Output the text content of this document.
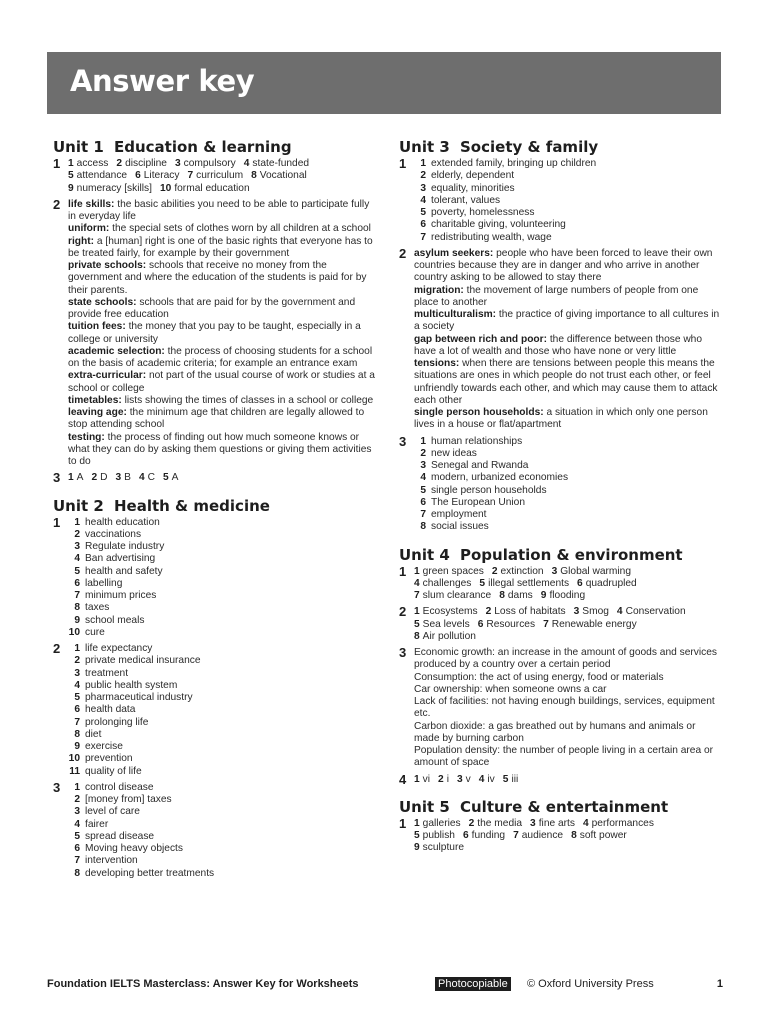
Answer key
Unit 1 Education & learning
1 1 access 2 discipline 3 compulsory 4 state-funded
5 attendance 6 Literacy 7 curriculum 8 Vocational
9 numeracy [skills] 10 formal education
2 life skills: the basic abilities you need to be able to participate fully in everyday life
uniform: the special sets of clothes worn by all children at a school
right: a [human] right is one of the basic rights that everyone has to be treated fairly, for example by their government
private schools: schools that receive no money from the government and where the education of the students is paid for by their parents.
state schools: schools that are paid for by the government and provide free education
tuition fees: the money that you pay to be taught, especially in a college or university
academic selection: the process of choosing students for a school on the basis of academic criteria; for example an entrance exam
extra-curricular: not part of the usual course of work or studies at a school or college
timetables: lists showing the times of classes in a school or college
leaving age: the minimum age that children are legally allowed to stop attending school
testing: the process of finding out how much someone knows or what they can do by asking them questions or giving them activities to do
3 1 A 2 D 3 B 4 C 5 A
Unit 2 Health & medicine
1	1 health education
2 vaccinations
3 Regulate industry
4 Ban advertising
5 health and safety
6 labelling
7 minimum prices
8 taxes
9 school meals
10 cure
2	1 life expectancy
2 private medical insurance
3 treatment
4 public health system
5 pharmaceutical industry
6 health data
7 prolonging life
8 diet
9 exercise
10 prevention
11 quality of life
3	1 control disease
2 [money from] taxes
3 level of care
4 fairer
5 spread disease
6 Moving heavy objects
7 intervention
8 developing better treatments
Unit 3 Society & family
1	1 extended family, bringing up children
2 elderly, dependent
3 equality, minorities
4 tolerant, values
5 poverty, homelessness
6 charitable giving, volunteering
7 redistributing wealth, wage
2 asylum seekers: people who have been forced to leave their own countries because they are in danger and who arrive in another country asking to be allowed to stay there
migration: the movement of large numbers of people from one place to another
multiculturalism: the practice of giving importance to all cultures in a society
gap between rich and poor: the difference between those who have a lot of wealth and those who have none or very little
tensions: when there are tensions between people this means the situations are ones in which people do not trust each other, or feel unfriendly towards each other, and which may cause them to attack each other
single person households: a situation in which only one person lives in a house or flat/apartment
3	1 human relationships
2 new ideas
3 Senegal and Rwanda
4 modern, urbanized economies
5 single person households
6 The European Union
7 employment
8 social issues
Unit 4 Population & environment
1 1 green spaces 2 extinction 3 Global warming
4 challenges 5 illegal settlements 6 quadrupled
7 slum clearance 8 dams 9 flooding
2 1 Ecosystems 2 Loss of habitats 3 Smog 4 Conservation
5 Sea levels 6 Resources 7 Renewable energy
8 Air pollution
3 Economic growth: an increase in the amount of goods and services produced by a country over a certain period
Consumption: the act of using energy, food or materials
Car ownership: when someone owns a car
Lack of facilities: not having enough buildings, services, equipment etc.
Carbon dioxide: a gas breathed out by humans and animals or made by burning carbon
Population density: the number of people living in a certain area or amount of space
4 1 vi 2 i 3 v 4 iv 5 iii
Unit 5 Culture & entertainment
1 1 galleries 2 the media 3 fine arts 4 performances
5 publish 6 funding 7 audience 8 soft power
9 sculpture
Foundation IELTS Masterclass: Answer Key for Worksheets	Photocopiable © Oxford University Press	1
